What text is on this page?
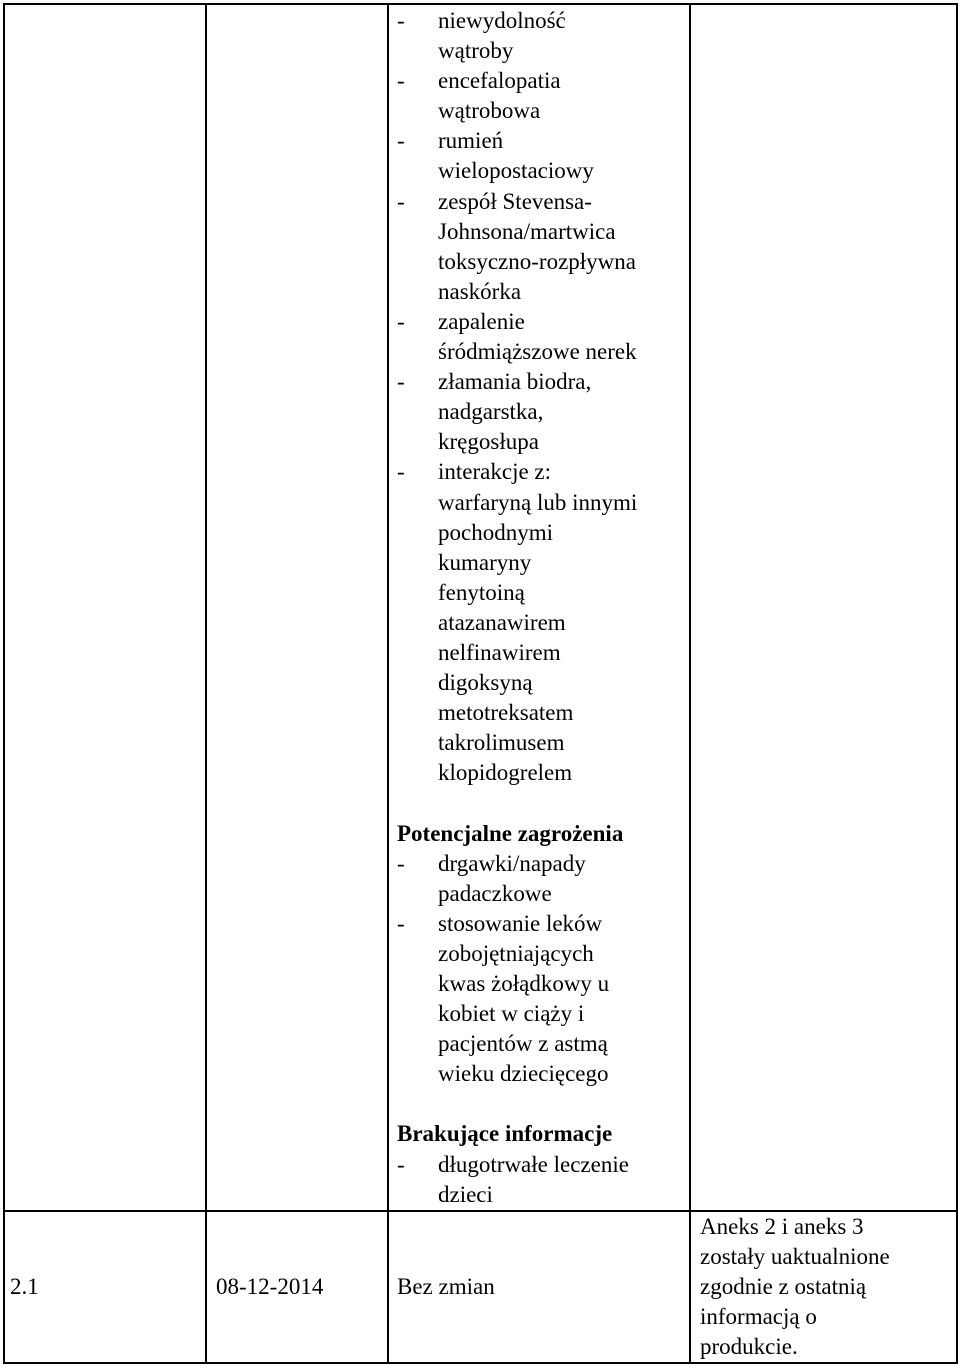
- niewydolność
wątroby
- encefalopatia
wątrobowa
- rumień
wielopostaciowy
- zespół Stevensa-
Johnsona/martwica
toksyczno-rozpływna
naskórka
- zapalenie
śródmiąższowe nerek
- złamania biodra,
nadgarstka,
kręgosłupa
- interakcje z:
warfaryną lub innymi
pochodnymi
kumaryny
fenytoiną
atazanawirem
nelfinawirem
digoksyną
metotreksatem
takrolimusem
klopidogrelem
Potencjalne zagrożenia
- drgawki/napady
padaczkowe
- stosowanie leków
zobojętniających
kwas żołądkowy u
kobiet w ciąży i
pacjentów z astmą
wieku dziecięcego
Brakujące informacje
- długotrwałe leczenie
dzieci
2.1	08-12-2014	Bez zmian
Aneks 2 i aneks 3
zostały uaktualnione
zgodnie z ostatnią
informacją o
produkcie.
